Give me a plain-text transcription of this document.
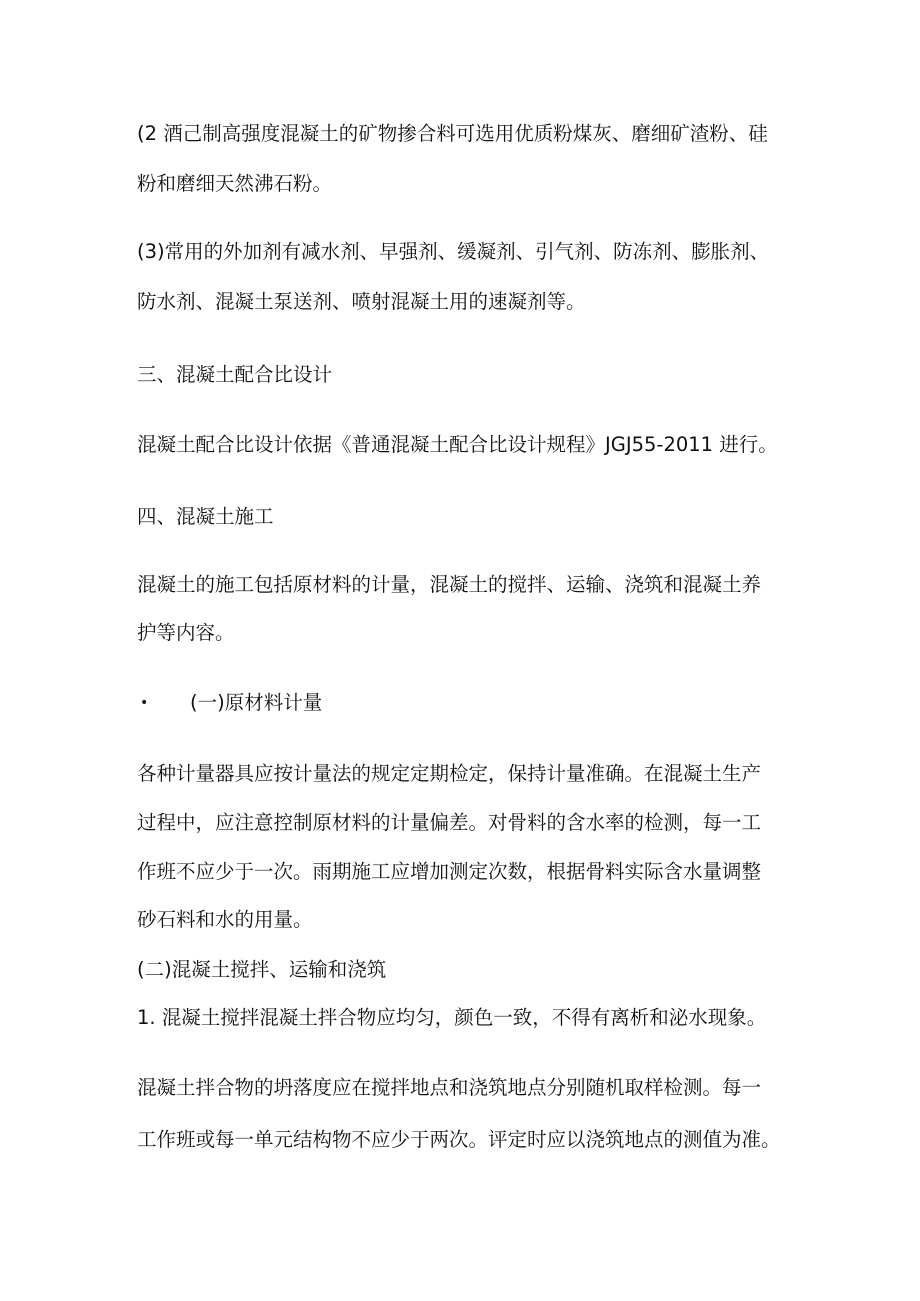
(2 酒己制高强度混凝土的矿物掺合料可选用优质粉煤灰、磨细矿渣粉、硅
粉和磨细天然沸石粉。
(3)常用的外加剂有减水剂、早强剂、缓凝剂、引气剂、防冻剂、膨胀剂、
防水剂、混凝土泵送剂、喷射混凝土用的速凝剂等。
三、混凝土配合比设计
混凝土配合比设计依据《普通混凝土配合比设计规程》JGJ55-2011 进行。
四、混凝土施工
混凝土的施工包括原材料的计量，混凝土的搅拌、运输、浇筑和混凝土养
护等内容。
• (一)原材料计量
各种计量器具应按计量法的规定定期检定，保持计量准确。在混凝土生产
过程中，应注意控制原材料的计量偏差。对骨料的含水率的检测，每一工
作班不应少于一次。雨期施工应增加测定次数，根据骨料实际含水量调整
砂石料和水的用量。
(二)混凝土搅拌、运输和浇筑
1. 混凝土搅拌混凝土拌合物应均匀，颜色一致，不得有离析和泌水现象。
混凝土拌合物的坍落度应在搅拌地点和浇筑地点分别随机取样检测。每一
工作班或每一单元结构物不应少于两次。评定时应以浇筑地点的测值为准。
